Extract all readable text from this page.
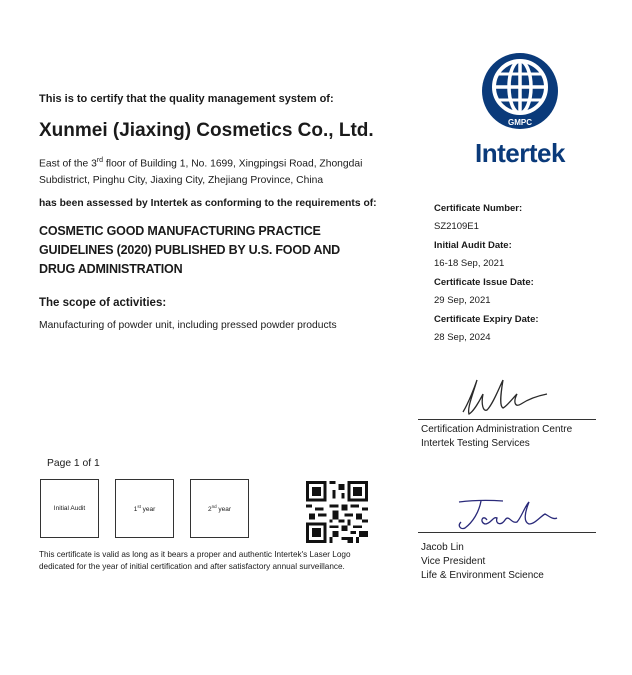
This is to certify that the quality management system of:
Xunmei (Jiaxing) Cosmetics Co., Ltd.
East of the 3rd floor of Building 1, No. 1699, Xingpingsi Road, Zhongdai Subdistrict, Pinghu City, Jiaxing City, Zhejiang Province, China
has been assessed by Intertek as conforming to the requirements of:
COSMETIC GOOD MANUFACTURING PRACTICE GUIDELINES (2020) PUBLISHED BY U.S. FOOD AND DRUG ADMINISTRATION
The scope of activities:
Manufacturing of powder unit, including pressed powder products
GMPC
Intertek
Certificate Number:
SZ2109E1
Initial Audit Date:
16-18 Sep, 2021
Certificate Issue Date:
29 Sep, 2021
Certificate Expiry Date:
28 Sep, 2024
Certification Administration Centre
Intertek Testing Services
Jacob Lin
Vice President
Life & Environment Science
Page 1 of 1
Initial Audit	1st year	2nd year
This certificate is valid as long as it bears a proper and authentic Intertek's Laser Logo dedicated for the year of initial certification and after satisfactory annual surveillance.
